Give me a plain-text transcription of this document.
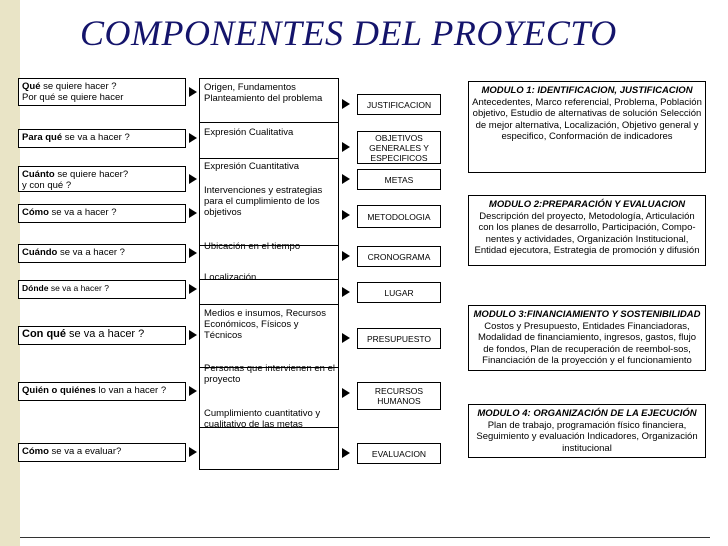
COMPONENTES DEL PROYECTO
Qué se quiere hacer ?
Por qué se quiere hacer
Para qué se va a hacer ?
Cuánto se quiere hacer?
y con qué ?
Cómo se va a hacer ?
Cuándo se va a hacer ?
Dónde se va a hacer ?
Con qué se va a hacer ?
Quién o quiénes lo van a hacer ?
Cómo se va a evaluar?
Origen, Fundamentos Planteamiento del problema
Expresión Cualitativa
Expresión Cuantitativa
Intervenciones y estrategias para el cumplimiento de los objetivos
Ubicación en el tiempo
Localización
Medios e insumos, Recursos Económicos, Físicos y Técnicos
Personas que intervienen en el proyecto
Cumplimiento cuantitativo y cualitativo de las metas
JUSTIFICACION
OBJETIVOS GENERALES Y ESPECIFICOS
METAS
METODOLOGIA
CRONOGRAMA
LUGAR
PRESUPUESTO
RECURSOS HUMANOS
EVALUACION
MODULO 1: IDENTIFICACION, JUSTIFICACION
Antecedentes, Marco referencial, Problema, Población objetivo, Estudio de alternativas de solución Selección de mejor alternativa, Localización, Objetivo general y especifico, Conformación de indicadores
MODULO 2:PREPARACIÓN Y EVALUACION
Descripción del proyecto, Metodología, Articulación con los planes de desarrollo, Participación, Compo-nentes y actividades, Organización Institucional, Entidad ejecutora, Estrategia de promoción y difusión
MODULO 3:FINANCIAMIENTO Y SOSTENIBILIDAD
Costos y Presupuesto, Entidades Financiadoras, Modalidad de financiamiento, ingresos, gastos, flujo de fondos, Plan de recuperación de reembol-sos, Financiación de la proyección y el funcionamiento
MODULO 4: ORGANIZACIÓN DE LA EJECUCIÓN
Plan de trabajo, programación físico financiera, Seguimiento y evaluación Indicadores, Organización institucional
